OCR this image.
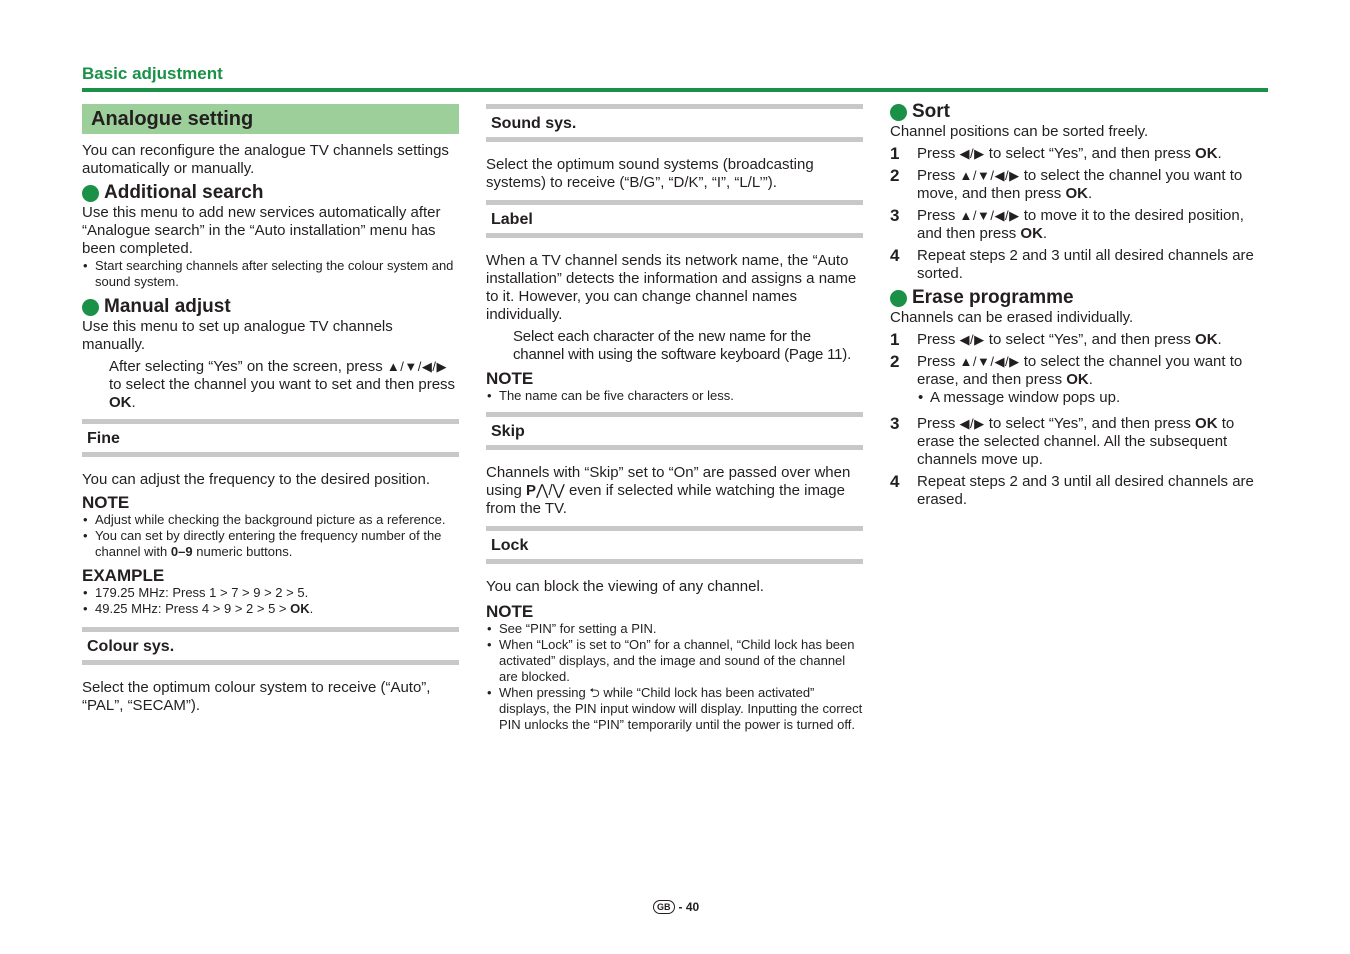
Basic adjustment
Analogue setting

You can reconfigure the analogue TV channels settings automatically or manually.

Additional search

Use this menu to add new services automatically after “Analogue search” in the “Auto installation” menu has been completed.

• Start searching channels after selecting the colour system and sound system.
Manual adjust

Use this menu to set up analogue TV channels manually.

After selecting “Yes” on the screen, press ▲/▼/◀/▶ to select the channel you want to set and then press OK.

Fine

You can adjust the frequency to the desired position.

NOTE
• Adjust while checking the background picture as a reference.
• You can set by directly entering the frequency number of the channel with 0–9 numeric buttons.
EXAMPLE
• 179.25 MHz: Press 1 > 7 > 9 > 2 > 5.
• 49.25 MHz: Press 4 > 9 > 2 > 5 > OK.
Colour sys.

Select the optimum colour system to receive (“Auto”, “PAL”, “SECAM”).

Sound sys.

Select the optimum sound systems (broadcasting systems) to receive (“B/G”, “D/K”, “I”, “L/L’”).

Label

When a TV channel sends its network name, the “Auto installation” detects the information and assigns a name to it. However, you can change channel names individually.

Select each character of the new name for the channel with using the software keyboard (Page 11).

NOTE
• The name can be five characters or less.
Skip

Channels with “Skip” set to “On” are passed over when using P⋀/⋁ even if selected while watching the image from the TV.

Lock

You can block the viewing of any channel.

NOTE
• See “PIN” for setting a PIN.
• When “Lock” is set to “On” for a channel, “Child lock has been activated” displays, and the image and sound of the channel are blocked.
• When pressing ⮌ while “Child lock has been activated” displays, the PIN input window will display. Inputting the correct PIN unlocks the “PIN” temporarily until the power is turned off.
Sort

Channel positions can be sorted freely.

1	Press ◀/▶ to select “Yes”, and then press OK.
2	Press ▲/▼/◀/▶ to select the channel you want to move, and then press OK.
3	Press ▲/▼/◀/▶ to move it to the desired position, and then press OK.
4	Repeat steps 2 and 3 until all desired channels are sorted.
Erase programme

Channels can be erased individually.

1	Press ◀/▶ to select “Yes”, and then press OK.
2	Press ▲/▼/◀/▶ to select the channel you want to erase, and then press OK.
• A message window pops up.
3	Press ◀/▶ to select “Yes”, and then press OK to erase the selected channel. All the subsequent channels move up.
4	Repeat steps 2 and 3 until all desired channels are erased.
GB - 40
